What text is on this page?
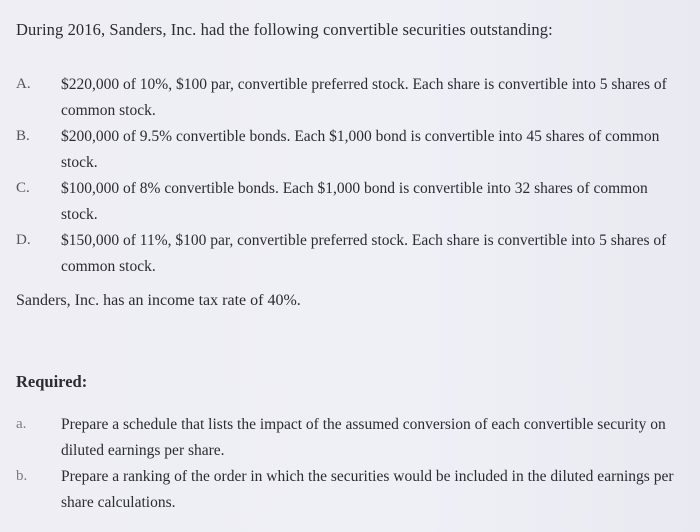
During 2016, Sanders, Inc. had the following convertible securities outstanding:
A. $220,000 of 10%, $100 par, convertible preferred stock. Each share is convertible into 5 shares of common stock.
B. $200,000 of 9.5% convertible bonds. Each $1,000 bond is convertible into 45 shares of common stock.
C. $100,000 of 8% convertible bonds. Each $1,000 bond is convertible into 32 shares of common stock.
D. $150,000 of 11%, $100 par, convertible preferred stock. Each share is convertible into 5 shares of common stock.
Sanders, Inc. has an income tax rate of 40%.
Required:
a. Prepare a schedule that lists the impact of the assumed conversion of each convertible security on diluted earnings per share.
b. Prepare a ranking of the order in which the securities would be included in the diluted earnings per share calculations.
